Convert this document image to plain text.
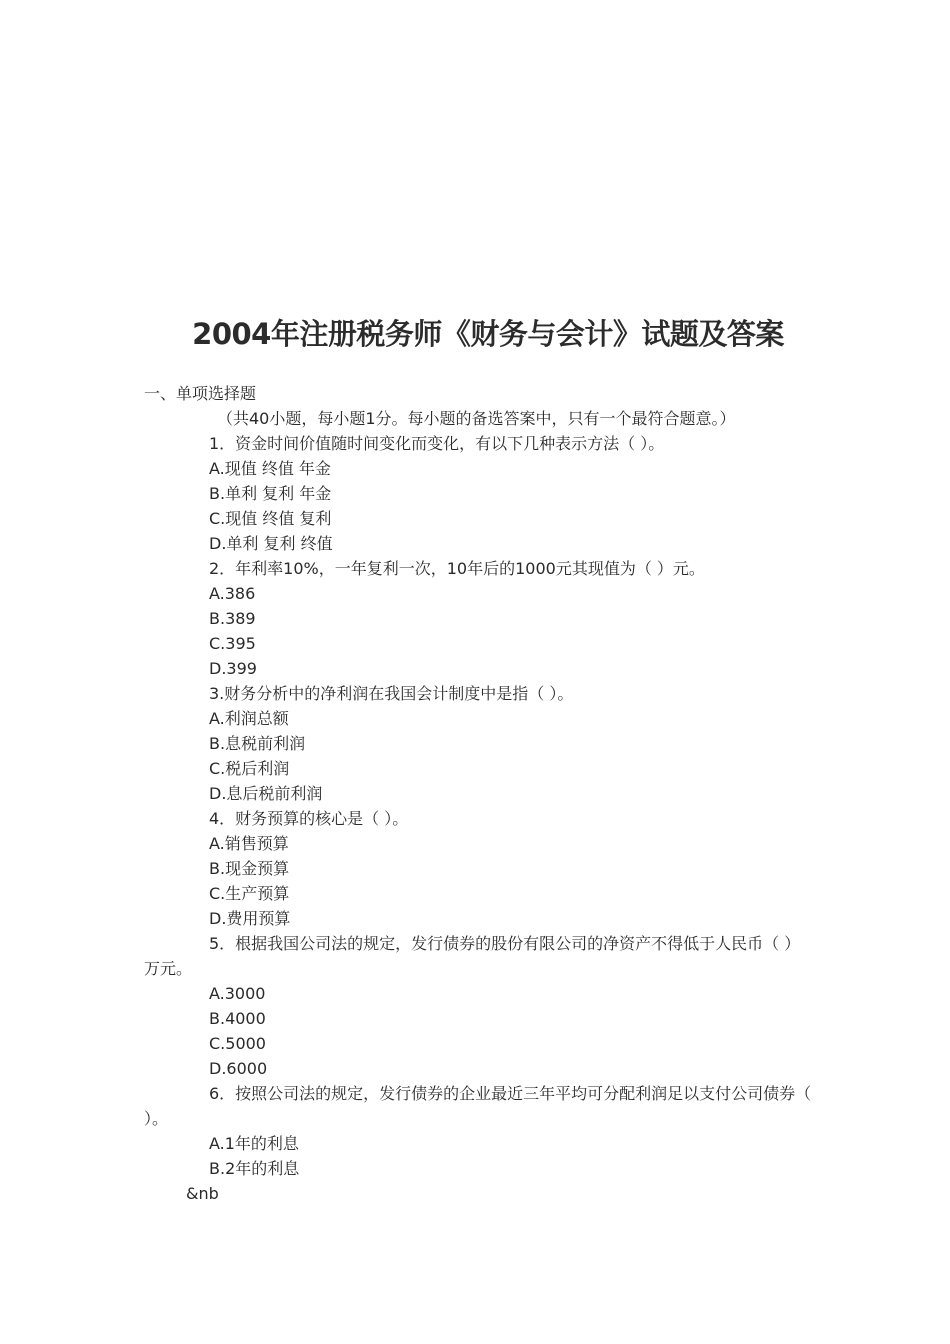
2004年注册税务师《财务与会计》试题及答案
一、单项选择题
（共40小题，每小题1分。每小题的备选答案中，只有一个最符合题意。）
1．资金时间价值随时间变化而变化，有以下几种表示方法（ ）。
A.现值 终值 年金
B.单利 复利 年金
C.现值 终值 复利
D.单利 复利 终值
2．年利率10%，一年复利一次，10年后的1000元其现值为（ ）元。
A.386
B.389
C.395
D.399
3.财务分析中的净利润在我国会计制度中是指（ ）。
A.利润总额
B.息税前利润
C.税后利润
D.息后税前利润
4．财务预算的核心是（ ）。
A.销售预算
B.现金预算
C.生产预算
D.费用预算
5．根据我国公司法的规定，发行债券的股份有限公司的净资产不得低于人民币（ ）万元。
A.3000
B.4000
C.5000
D.6000
6．按照公司法的规定，发行债券的企业最近三年平均可分配利润足以支付公司债券（ ）。
A.1年的利息
B.2年的利息
&nb
